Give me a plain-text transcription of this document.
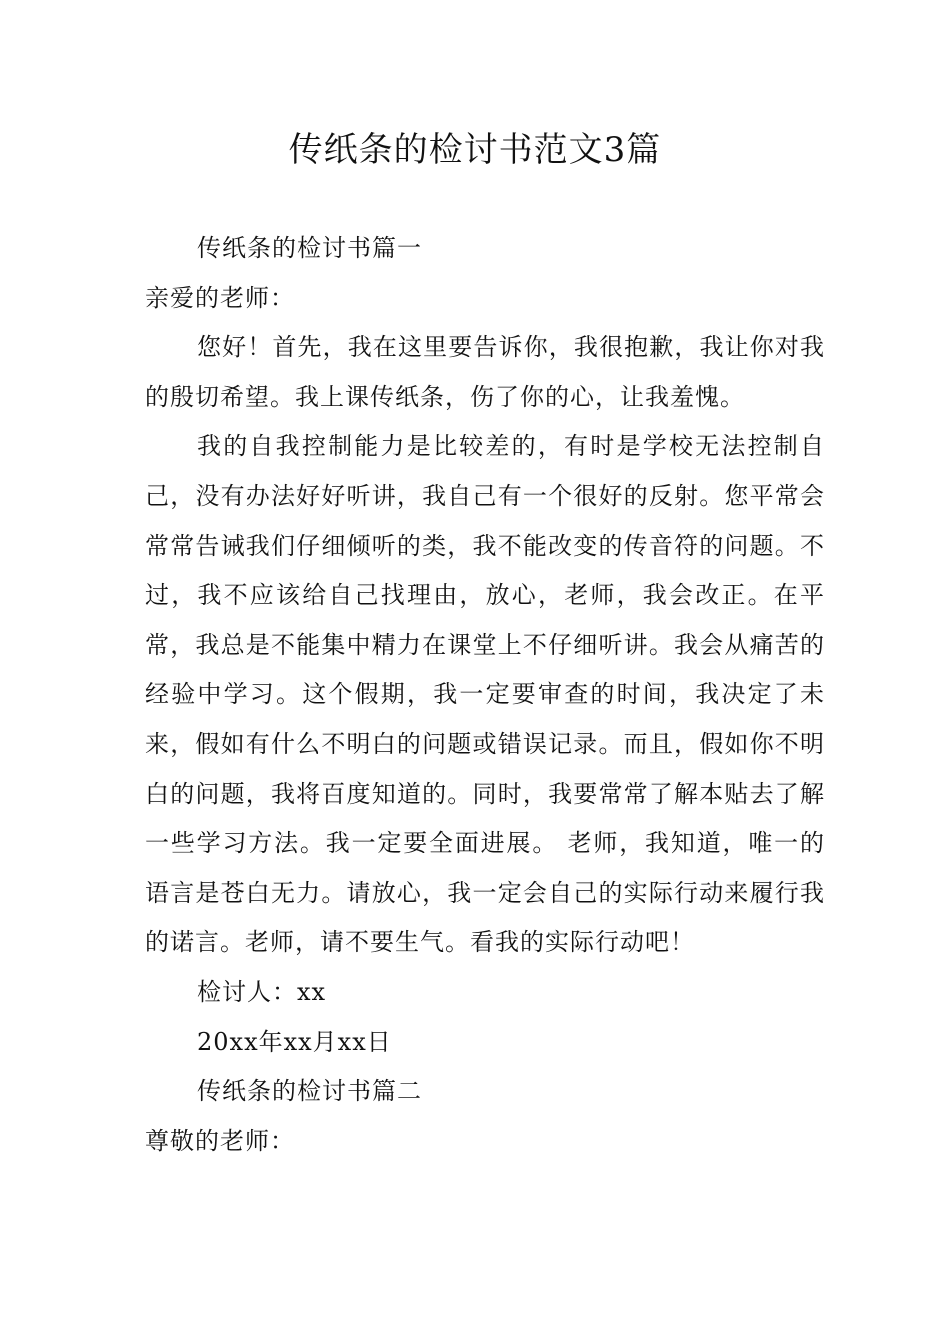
传纸条的检讨书范文3篇

传纸条的检讨书篇一

亲爱的老师：

您好！首先，我在这里要告诉你，我很抱歉，我让你对我的殷切希望。我上课传纸条，伤了你的心，让我羞愧。

我的自我控制能力是比较差的，有时是学校无法控制自己，没有办法好好听讲，我自己有一个很好的反射。您平常会常常告诫我们仔细倾听的类，我不能改变的传音符的问题。不过，我不应该给自己找理由，放心，老师，我会改正。在平常，我总是不能集中精力在课堂上不仔细听讲。我会从痛苦的经验中学习。这个假期，我一定要审查的时间，我决定了未来，假如有什么不明白的问题或错误记录。而且，假如你不明白的问题，我将百度知道的。同时，我要常常了解本贴去了解一些学习方法。我一定要全面进展。 老师，我知道，唯一的语言是苍白无力。请放心，我一定会自己的实际行动来履行我的诺言。老师，请不要生气。看我的实际行动吧！

检讨人：xx

20xx年xx月xx日

传纸条的检讨书篇二

尊敬的老师：
